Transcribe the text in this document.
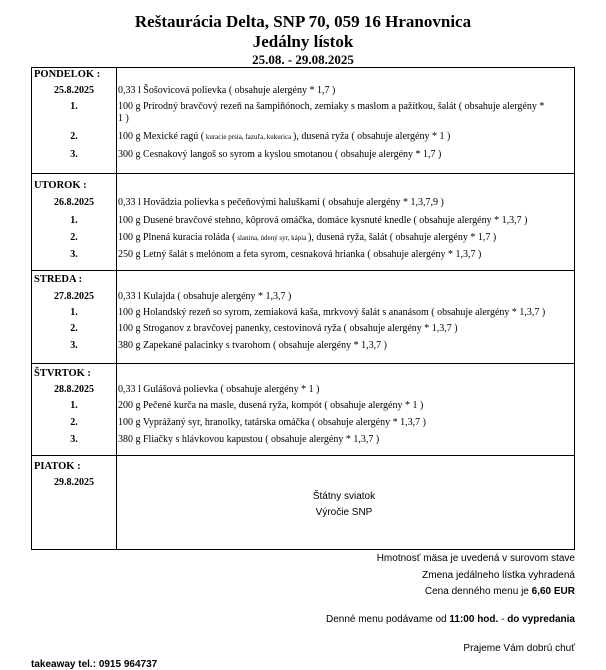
Reštaurácia Delta, SNP 70, 059 16 Hranovnica
Jedálny lístok
25.08. - 29.08.2025
PONDELOK :
25.8.2025	0,33 l Šošovicová polievka ( obsahuje alergény * 1,7 )
1.	100 g Prírodný bravčový rezeň na šampiňónoch, zemiaky s maslom a pažítkou, šalát ( obsahuje alergény *
1 )
2.	100 g Mexické ragú ( kuracie prsia, fazuľa, kukurica ), dusená ryža ( obsahuje alergény * 1 )
3.	300 g Cesnakový langoš so syrom a kyslou smotanou ( obsahuje alergény * 1,7 )
UTOROK :
26.8.2025	0,33 l Hovädzia polievka s pečeňovými haluškami ( obsahuje alergény * 1,3,7,9 )
1.	100 g Dusené bravčové stehno, kôprová omáčka, domáce kysnuté knedle ( obsahuje alergény * 1,3,7 )
2.	100 g Plnená kuracia roláda ( slanina, údený syr, kápia ), dusená ryža, šalát ( obsahuje alergény * 1,7 )
3.	250 g Letný šalát s melónom a feta syrom, cesnaková hrianka ( obsahuje alergény * 1,3,7 )
STREDA :
27.8.2025	0,33 l Kulajda ( obsahuje alergény * 1,3,7 )
1.	100 g Holandský rezeň so syrom, zemiaková kaša, mrkvový šalát s ananásom ( obsahuje alergény * 1,3,7 )
2.	100 g Stroganov z bravčovej panenky, cestovinová ryža ( obsahuje alergény * 1,3,7 )
3.	380 g Zapekané palacinky s tvarohom ( obsahuje alergény * 1,3,7 )
ŠTVRTOK :
28.8.2025	0,33 l Gulášová polievka ( obsahuje alergény * 1 )
1.	200 g Pečené kurča na masle, dusená ryža, kompót ( obsahuje alergény * 1 )
2.	100 g Vyprážaný syr, hranolky, tatárska omáčka ( obsahuje alergény * 1,3,7 )
3.	380 g Fliačky s hlávkovou kapustou ( obsahuje alergény * 1,3,7 )
PIATOK :
29.8.2025
Štátny sviatok
Výročie SNP
Hmotnosť mäsa je uvedená v surovom stave
Zmena jedálneho lístka vyhradená
Cena denného menu je 6,60 EUR
Denné menu podávame od 11:00 hod. - do vypredania
Prajeme Vám dobrú chuť
takeaway tel.: 0915 964737
